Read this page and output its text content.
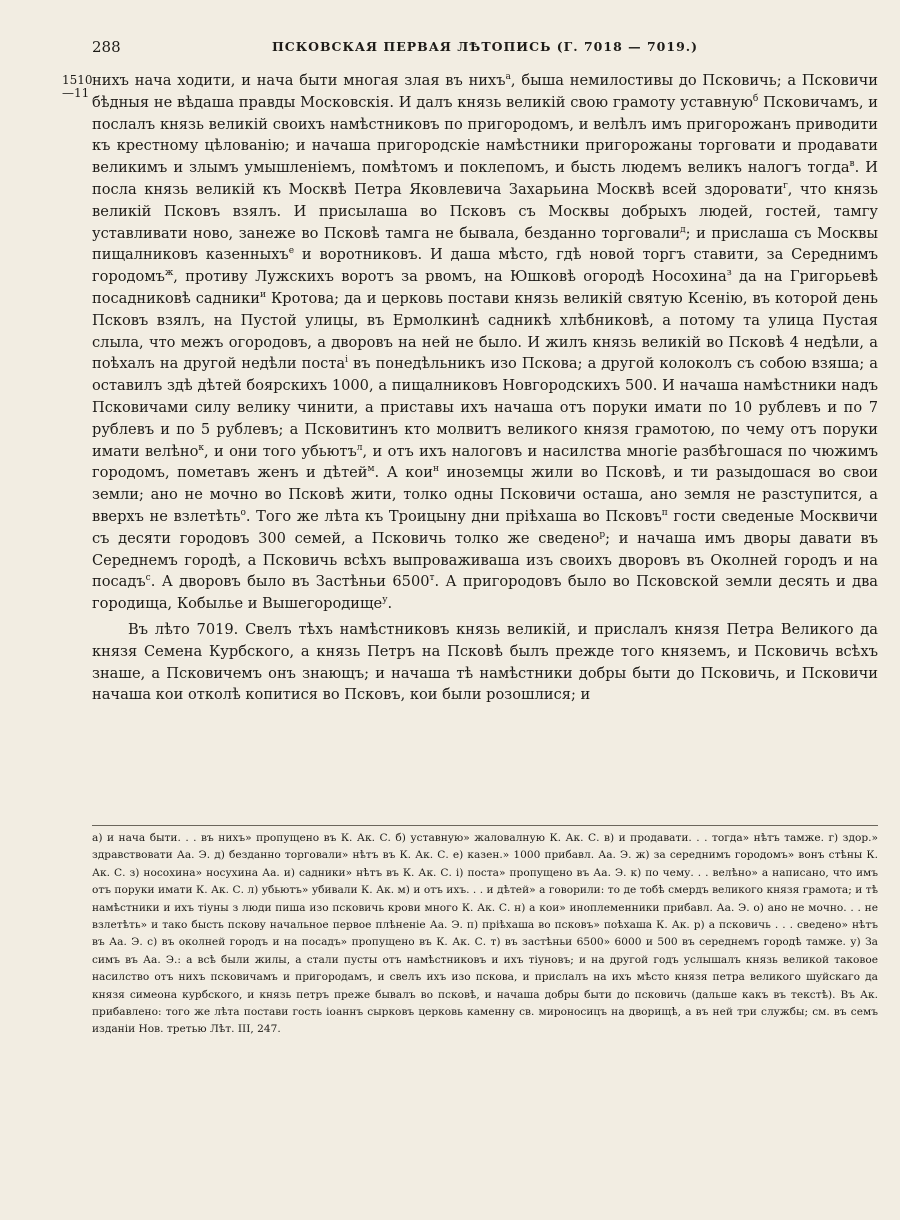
288	ПСКОВСКАЯ ПЕРВАЯ ЛѢТОПИСЬ (Г. 7018 — 7019.)
1510
—11

нихъ нача ходити, и нача быти многая злая въ нихъ$^а$, бышa немилостивы до Псковичь; а Псковичи бѣдныя не вѣдаша правды Московскiя. И далъ князь великiй свою грамоту уставную$^б$ Псковичамъ, и послалъ князь великiй своихъ намѣстниковъ по пригородомъ, и велѣлъ имъ пригорожанъ приводити къ крестному цѣлованiю; и начаша пригородскiе намѣстники пригорожаны торговати и продавати великимъ и злымъ умышленiемъ, помѣтомъ и поклепомъ, и бысть людемъ великъ налогъ тогда$^в$. И посла князь великiй къ Москвѣ Петра Яковлевича Захарьина Москвѣ всей здоровати$^г$, что князь великiй Псковъ взялъ. И присылаша во Псковъ съ Москвы добрыхъ людей, гостей, тамгу уставливати ново, занеже во Псковѣ тамга не бывала, безданно торговали$^д$; и прислаша съ Москвы пищалниковъ казенныхъ$^е$ и воротниковъ. И даша мѣсто, гдѣ новой торгъ ставити, за Середнимъ городомъ$^ж$, противу Лужскихъ воротъ за рвомъ, на Юшковѣ огородѣ Носохина$^з$ да на Григорьевѣ посадниковѣ садники$^и$ Кротова; да и церковь постави князь великiй святую Ксенiю, въ которой день Псковъ взялъ, на Пустой улицы, въ Ермолкинѣ садникѣ хлѣбниковѣ, а потому та улица Пустая слыла, что межъ огородовъ, а дворовъ на ней не было. И жилъ князь великiй во Псковѣ 4 недѣли, а поѣхалъ на другой недѣли поста$^i$ въ понедѣльникъ изо Пскова; а другой колоколъ съ собою взяша; а оставилъ здѣ дѣтей боярскихъ 1000, а пищалниковъ Новгородскихъ 500. И начаша намѣстники надъ Псковичами силу велику чинити, а приставы ихъ начаша отъ поруки имати по 10 рублевъ и по 7 рублевъ и по 5 рублевъ; а Псковитинъ кто молвитъ великого князя грамотою, по чему отъ поруки имати велѣно$^к$, и они того убьютъ$^л$, и отъ ихъ налоговъ и насилства многiе разбѣгошася по чюжимъ городомъ, пометавъ женъ и дѣтей$^м$. А кои$^н$ иноземцы жили во Псковѣ, и ти разыдошася во свои земли; ано не мочно во Псковѣ жити, толко одны Псковичи осташа, ано земля не разступится, а вверхъ не взлетѣть$^о$. Того же лѣта къ Троицыну дни прiѣхаша во Псковъ$^п$ гости сведеные Москвичи съ десяти городовъ 300 семей, а Псковичь толко же сведено$^р$; и начаша имъ дворы давати въ Середнемъ городѣ, а Псковичь всѣхъ выпроваживаша изъ своихъ дворовъ въ Околней городъ и на посадъ$^с$. А дворовъ было въ Застѣньи $6500^т$. А пригородовъ было во Псковской земли десять и два городища, Кобылье и Вышегородище$^у$.

Въ лѣто 7019. Свелъ тѣхъ намѣстниковъ князь великiй, и прислалъ князя Петра Великого да князя Семена Курбского, а князь Петръ на Псковѣ былъ прежде того княземъ, и Псковичь всѣхъ знаше, а Псковичемъ онъ знающъ; и начаша тѣ намѣстники добры быти до Псковичь, и Псковичи начаша кои отколѣ копитися во Псковъ, кои были розошлися; и

а) и нача быти. . . въ нихъ» пропущено въ К. Ак. С. б) уставную» жаловалную К. Ак. С. в) и продавати. . . тогда» нѣтъ тамже. г) здор.» здравствовати Аа. Э. д) безданно торговали» нѣтъ въ К. Ак. С. е) казен.» 1000 прибавл. Аа. Э. ж) за середнимъ городомъ» вонъ стѣны К. Ак. С. з) носохина» носухина Аа. и) садники» нѣтъ въ К. Ак. С. i) поста» пропущено въ Аа. Э. к) по чему. . . велѣно» а написано, что имъ отъ поруки имати К. Ак. С. л) убьютъ» убивали К. Ак. м) и отъ ихъ. . . и дѣтей» а говорили: то де тобѣ смердъ великого князя грамота; и тѣ намѣстники и ихъ тiуны з люди пиша изо псковичь крови много К. Ак. С. н) а кои» иноплеменники прибавл. Аа. Э. о) ано не мочно. . . не взлетѣть» и тако бысть псковy начальное первое плѣненiе Аа. Э. п) прiѣхаша во псковъ» поѣхаша К. Ак. р) а псковичь . . . сведено» нѣтъ въ Аа. Э. с) въ околней городъ и на посадъ» пропущено въ К. Ак. С. т) въ застѣньи 6500» 6000 и 500 въ середнемъ городѣ тамже. у) За симъ въ Аа. Э.: а всѣ были жилы, а стали пусты отъ намѣстниковъ и ихъ тiуновъ; и на другой годъ услышалъ князь великой таковое насилство отъ нихъ псковичамъ и пригородамъ, и свелъ ихъ изо пскова, и прислалъ на ихъ мѣсто князя петра великого шуйскаго да князя симеона курбского, и князь петръ преже бывалъ во псковѣ, и начаша добры быти до псковичь (дальше какъ въ текстѣ). Въ Ак. прибавлено: того же лѣта постави гость iоаннъ сырковъ церковь каменну св. мироносицъ на дворищѣ, а въ ней три службы; см. въ семъ изданiи Нов. третью Лѣт. III, 247.
